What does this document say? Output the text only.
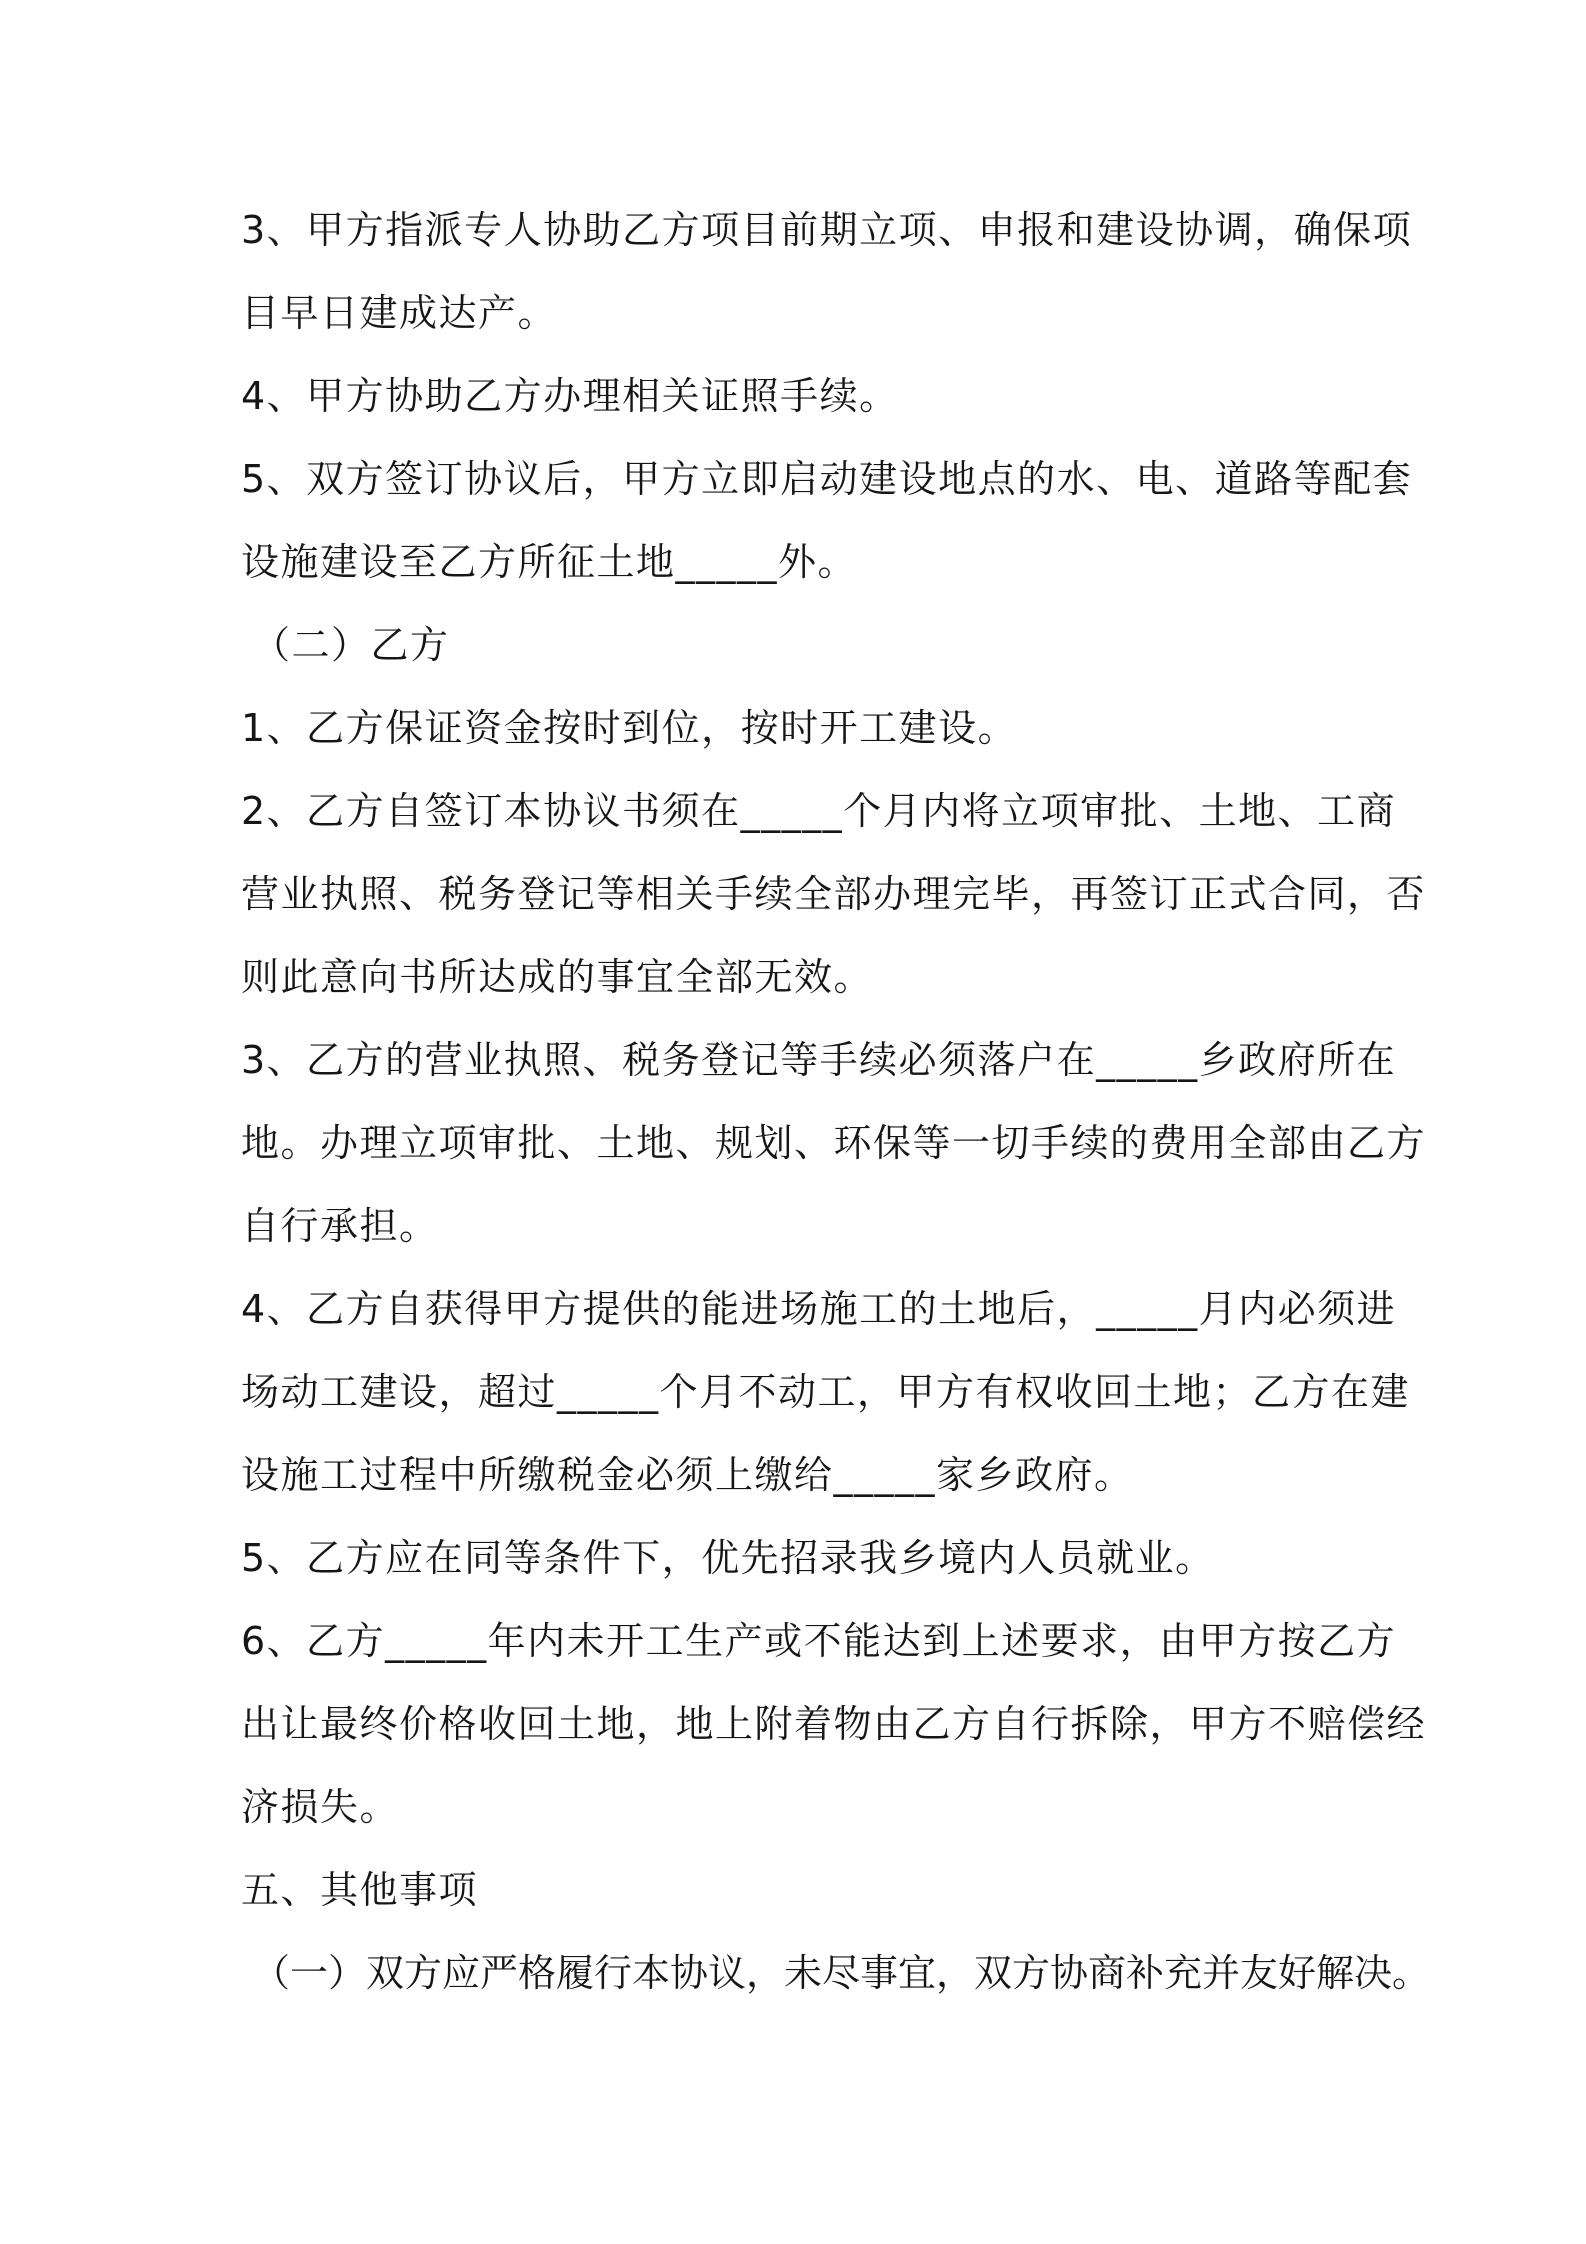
3、甲方指派专人协助乙方项目前期立项、申报和建设协调，确保项
目早日建成达产。
4、甲方协助乙方办理相关证照手续。
5、双方签订协议后，甲方立即启动建设地点的水、电、道路等配套
设施建设至乙方所征土地_____外。
（二）乙方
1、乙方保证资金按时到位，按时开工建设。
2、乙方自签订本协议书须在_____个月内将立项审批、土地、工商
营业执照、税务登记等相关手续全部办理完毕，再签订正式合同，否
则此意向书所达成的事宜全部无效。
3、乙方的营业执照、税务登记等手续必须落户在_____乡政府所在
地。办理立项审批、土地、规划、环保等一切手续的费用全部由乙方
自行承担。
4、乙方自获得甲方提供的能进场施工的土地后，_____月内必须进
场动工建设，超过_____个月不动工，甲方有权收回土地；乙方在建
设施工过程中所缴税金必须上缴给_____家乡政府。
5、乙方应在同等条件下，优先招录我乡境内人员就业。
6、乙方_____年内未开工生产或不能达到上述要求，由甲方按乙方
出让最终价格收回土地，地上附着物由乙方自行拆除，甲方不赔偿经
济损失。
五、其他事项
（一）双方应严格履行本协议，未尽事宜，双方协商补充并友好解决。
